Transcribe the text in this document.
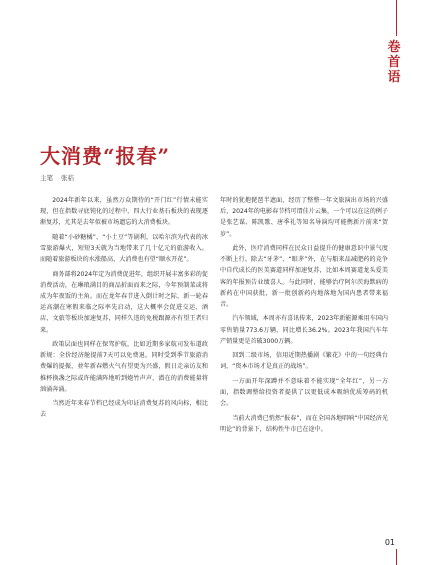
卷首语
大消费“报春”
主笔 张秸

2024年新年以来，虽然万众期待的“开门红”行情未能实现，但在指数寻底钝化的过程中，四大行业基石板块的表现逐渐复苏，尤其是去年似被市场遗忘的大消费板块。

随着“小砂糖橘”、“小土豆”等剧利，以哈尔滨为代表的冰雪旅游爆火，短短3天就为当地带来了几十亿元的旅游收入。而随着旅游板块的水涨船高，大消费也有望“顺水开花”。

商务部将2024年定为消费促进年，组织开展丰富多彩的促消费活动，在琳琅满目的商品折面而来之际，今年预制菜或将成为年夜饭的主角。而在龙年春节进入倒计时之际，新一轮春运高潮在寒假来临之际率先启动，这大概率会促进交运、酒店、文旅等板块加速复苏，同样久违的免税跟源亦有望王者归来。

政策层面也同样在保驾护航，比如近期多家航司发布道政新规：全价经济舱提前7天可以免费退。同时受到季节旅游消费爆的提振，並年新春燃火气有望更为兴盛，假日走亲访友和推杯换盏之际或许能满阵地听到炮竹声声，潜在的消费能量将汹涌奔涌。

当然近年来春节档已经成为印证消费复苏的风向标，相比去

年时的犹抱琵琶半遮面，经历了整整一年文旅演出市场的兴盛后，2024年的电影春节档可谓佳片云集，一个可以在这的例子是张艺谋、陈凯歌、唐季礼等知名导演均可能携新片前来“贺岁”。

此外，医疗消费同样在民众日益提升的健康意识中景气度不断上行。除去“牙茅”、“眼茅”外，在与船来品减肥药的竞争中自代成长的医美赛道同样加速复苏，比如本周赛道龙头爱美客的年报预告业绩喜人。与此同时，能够治疗阿尔茨海默病的新药在中国获批，新一批创新药内地落地为国内患者带来福音。

汽车领域，本周亦有喜讯传来，2023年新能源乘用车国内零售销量773.6万辆，同比增长36.2%。2023年我国汽车年产销量更是首破3000万辆。

回到二级市场，信用近期热播剧《繁花》中的一句经典台词，“资本市场才是真正的战场”。

一方面开年深蹲并不意味着不能实现“全年红”，另一方面，指数调整给投资者提供了以更低成本吸纳优质筹码的机会。

当前大消费已悄然“报春”，而在全国各地唱响“中国经济光明论”的背景下，结构性牛市已在途中。

01
